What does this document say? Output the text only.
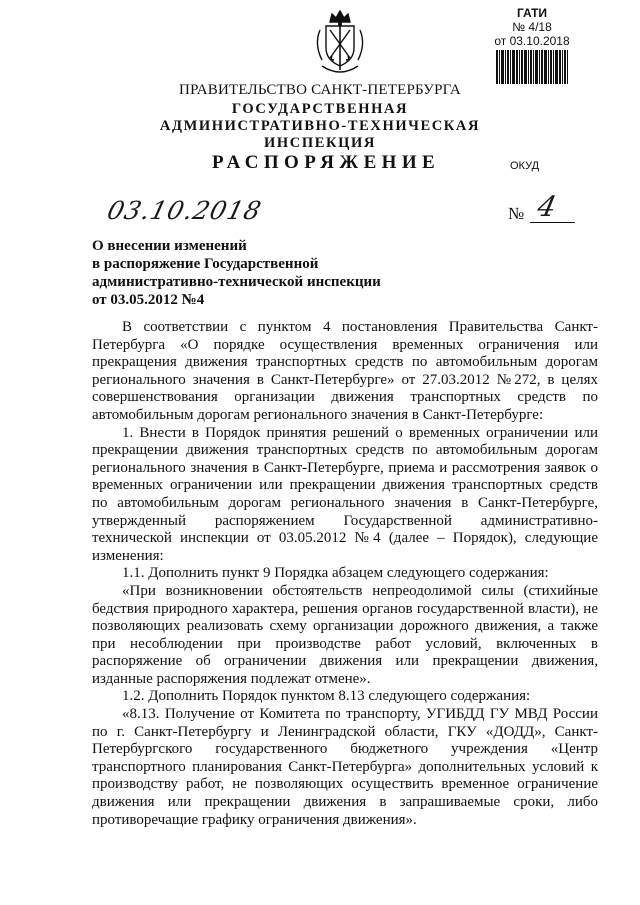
ГАТИ
№ 4/18
от 03.10.2018
ПРАВИТЕЛЬСТВО САНКТ-ПЕТЕРБУРГА
ГОСУДАРСТВЕННАЯ
АДМИНИСТРАТИВНО-ТЕХНИЧЕСКАЯ
ИНСПЕКЦИЯ
РАСПОРЯЖЕНИЕ	ОКУД
03.10.2018	№ 4
О внесении изменений
в распоряжение Государственной
административно-технической инспекции
от 03.05.2012 №4

В соответствии с пунктом 4 постановления Правительства Санкт-Петербурга «О порядке осуществления временных ограничения или прекращения движения транспортных средств по автомобильным дорогам регионального значения в Санкт-Петербурге» от 27.03.2012 №272, в целях совершенствования организации движения транспортных средств по автомобильным дорогам регионального значения в Санкт-Петербурге:

1. Внести в Порядок принятия решений о временных ограничении или прекращении движения транспортных средств по автомобильным дорогам регионального значения в Санкт-Петербурге, приема и рассмотрения заявок о временных ограничении или прекращении движения транспортных средств по автомобильным дорогам регионального значения в Санкт-Петербурге, утвержденный распоряжением Государственной административно-технической инспекции от 03.05.2012 №4 (далее – Порядок), следующие изменения:

1.1. Дополнить пункт 9 Порядка абзацем следующего содержания:

«При возникновении обстоятельств непреодолимой силы (стихийные бедствия природного характера, решения органов государственной власти), не позволяющих реализовать схему организации дорожного движения, а также при несоблюдении при производстве работ условий, включенных в распоряжение об ограничении движения или прекращении движения, изданные распоряжения подлежат отмене».

1.2. Дополнить Порядок пунктом 8.13 следующего содержания:

«8.13. Получение от Комитета по транспорту, УГИБДД ГУ МВД России по г. Санкт-Петербургу и Ленинградской области, ГКУ «ДОДД», Санкт-Петербургского государственного бюджетного учреждения «Центр транспортного планирования Санкт-Петербурга» дополнительных условий к производству работ, не позволяющих осуществить временное ограничение движения или прекращении движения в запрашиваемые сроки, либо противоречащие графику ограничения движения».
